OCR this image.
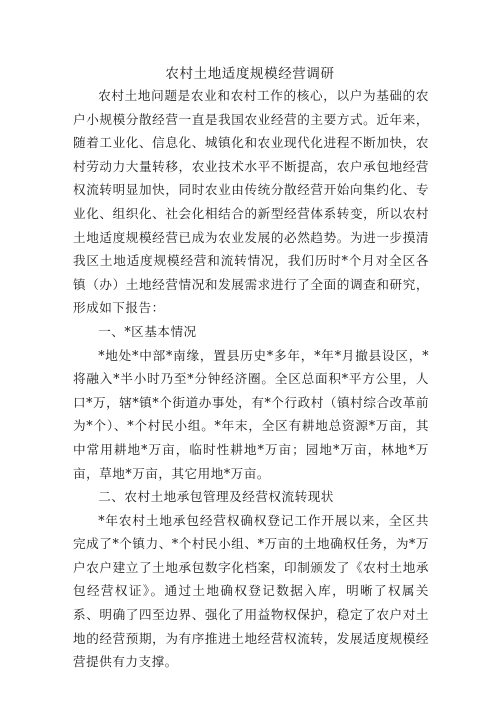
农村土地适度规模经营调研

农村土地问题是农业和农村工作的核心，以户为基础的农户小规模分散经营一直是我国农业经营的主要方式。近年来，随着工业化、信息化、城镇化和农业现代化进程不断加快，农村劳动力大量转移，农业技术水平不断提高，农户承包地经营权流转明显加快，同时农业由传统分散经营开始向集约化、专业化、组织化、社会化相结合的新型经营体系转变，所以农村土地适度规模经营已成为农业发展的必然趋势。为进一步摸清我区土地适度规模经营和流转情况，我们历时*个月对全区各镇（办）土地经营情况和发展需求进行了全面的调查和研究，形成如下报告：

一、*区基本情况

*地处*中部*南缘，置县历史*多年，*年*月撤县设区，*将融入*半小时乃至*分钟经济圈。全区总面积*平方公里，人口*万，辖*镇*个街道办事处，有*个行政村（镇村综合改革前为*个）、*个村民小组。*年末，全区有耕地总资源*万亩，其中常用耕地*万亩，临时性耕地*万亩；园地*万亩，林地*万亩，草地*万亩，其它用地*万亩。

二、农村土地承包管理及经营权流转现状

*年农村土地承包经营权确权登记工作开展以来，全区共完成了*个镇力、*个村民小组、*万亩的土地确权任务，为*万户农户建立了土地承包数字化档案，印制颁发了《农村土地承包经营权证》。通过土地确权登记数据入库，明晰了权属关系、明确了四至边界、强化了用益物权保护，稳定了农户对土地的经营预期，为有序推进土地经营权流转，发展适度规模经营提供有力支撑。
